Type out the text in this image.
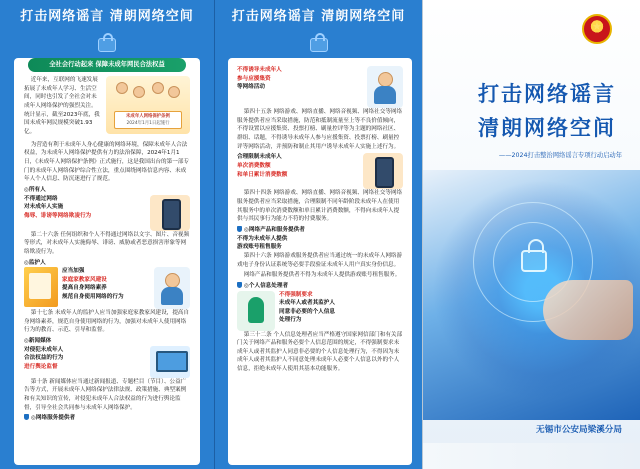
打击网络谣言 清朗网络空间
全社会行动起来 保障未成年网民合法权益

近年来，互联网的飞速发展拓展了未成年人学习、生活空间，同时也引发了全社会对未成年人网络保护的强烈关注。统计显示，截至2023年底，我国未成年网民规模突破1.93亿。

未成年人网络保护条例
2024年1月1日起施行

为营造有利于未成年人身心健康的网络环境，保障未成年人合法权益，为未成年人网络保护提供有力的法治保障，2024年1月1日，《未成年人网络保护条例》正式施行，这是我国出台的第一部专门的未成年人网络保护综合性立法，重点围绕网络信息内容、未成年人个人信息、防沉迷进行了规范。

◎所有人
不得通过网络
对未成年人实施
侮辱、诽谤等网络欺凌行为

第二十六条 任何组织和个人不得通过网络以文字、图片、音视频等形式，对未成年人实施侮辱、诽谤、威胁或者恶意损害形象等网络欺凌行为。

◎监护人
应当加强
家庭家教家风建设
提高自身网络素养
规范自身使用网络的行为

第十七条 未成年人的监护人应当加强家庭家教家风建设，提高自身网络素养，规范自身使用网络的行为，加强对未成年人使用网络行为的教育、示范、引导和监督。

◎新闻媒体
对侵犯未成年人
合法权益的行为
进行舆论监督

第十条 新闻媒体应当通过新闻报道、专题栏目（节目）、公益广告等方式，开展未成年人网络保护法律法规、政策措施、典型案例和有关知识的宣传，对侵犯未成年人合法权益的行为进行舆论监督，引导全社会共同参与未成年人网络保护。

◎网络服务提供者
打击网络谣言 清朗网络空间
不得诱导未成年人
参与应援集资
等网络活动

第四十五条 网络游戏、网络直播、网络音视频、网络社交等网络服务提供者应当采取措施，防范和抵制流量至上等不良价值倾向，不得设置以应援集资、投票打榜、刷量控评等为主题的网络社区、群组、话题，不得诱导未成年人参与应援集资、投票打榜、刷量控评等网络活动，并预防和制止其用户诱导未成年人实施上述行为。

合理限制未成年人
单次消费数额
和单日累计消费数额

第四十四条 网络游戏、网络直播、网络音视频、网络社交等网络服务提供者应当采取措施，合理限制不同年龄阶段未成年人在使用其服务中的单次消费数额和单日累计消费数额，不得向未成年人提供与其民事行为能力不符的付费服务。

◎网络产品和服务提供者
不得为未成年人提供
游戏账号租售服务

第四十六条 网络游戏服务提供者应当通过统一的未成年人网络游戏电子身份认证系统等必要手段验证未成年人用户真实身份信息。

网络产品和服务提供者不得为未成年人提供游戏账号租售服务。

◎个人信息处理者
不得强制要求
未成年人或者其监护人
同意非必要的个人信息
处理行为

第三十二条 个人信息处理者应当严格遵守国家网信部门和有关部门关于网络产品和服务必要个人信息范围的规定，不得强制要求未成年人或者其监护人同意非必要的个人信息处理行为，不得因为未成年人或者其监护人不同意处理未成年人必要个人信息以外的个人信息，拒绝未成年人使用其基本功能服务。

★
打击网络谣言
清朗网络空间
——2024打击整治网络谣言专项行动启动年
无锡市公安局梁溪分局
